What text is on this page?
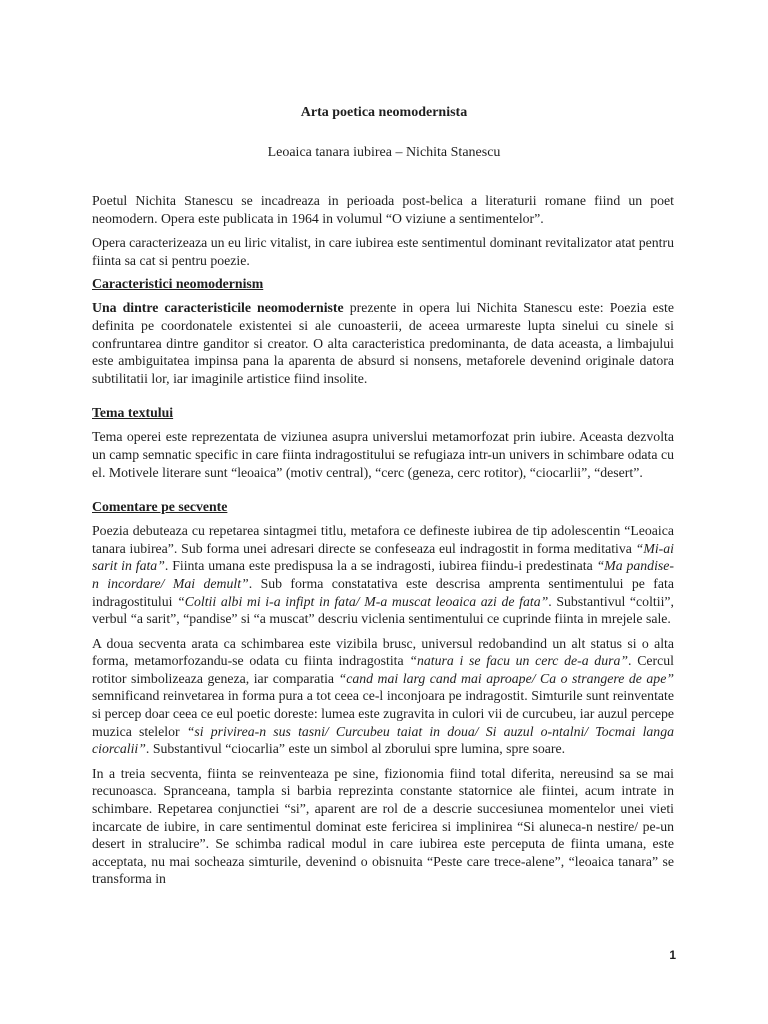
Arta poetica neomodernista
Leoaica tanara iubirea – Nichita Stanescu

Poetul Nichita Stanescu se incadreaza in perioada post-belica a literaturii romane fiind un poet neomodern. Opera este publicata in 1964 in volumul “O viziune a sentimentelor”.

Opera caracterizeaza un eu liric vitalist, in care iubirea este sentimentul dominant revitalizator atat pentru fiinta sa cat si pentru poezie.

Caracteristici neomodernism

Una dintre caracteristicile neomoderniste prezente in opera lui Nichita Stanescu este: Poezia este definita pe coordonatele existentei si ale cunoasterii, de aceea urmareste lupta sinelui cu sinele si confruntarea dintre ganditor si creator. O alta caracteristica predominanta, de data aceasta, a limbajului este ambiguitatea impinsa pana la aparenta de absurd si nonsens, metaforele devenind originale datora subtilitatii lor, iar imaginile artistice fiind insolite.

Tema textului

Tema operei este reprezentata de viziunea asupra universlui metamorfozat prin iubire. Aceasta dezvolta un camp semnatic specific in care fiinta indragostitului se refugiaza intr-un univers in schimbare odata cu el. Motivele literare sunt “leoaica” (motiv central), “cerc (geneza, cerc rotitor), “ciocarlii”, “desert”.

Comentare pe secvente

Poezia debuteaza cu repetarea sintagmei titlu, metafora ce defineste iubirea de tip adolescentin “Leoaica tanara iubirea”. Sub forma unei adresari directe se confeseaza eul indragostit in forma meditativa “Mi-ai sarit in fata”. Fiinta umana este predispusa la a se indragosti, iubirea fiindu-i predestinata “Ma pandise-n incordare/ Mai demult”. Sub forma constatativa este descrisa amprenta sentimentului pe fata indragostitului “Coltii albi mi i-a infipt in fata/ M-a muscat leoaica azi de fata”. Substantivul “coltii”, verbul “a sarit”, “pandise” si “a muscat” descriu viclenia sentimentului ce cuprinde fiinta in mrejele sale.

A doua secventa arata ca schimbarea este vizibila brusc, universul redobandind un alt status si o alta forma, metamorfozandu-se odata cu fiinta indragostita “natura i se facu un cerc de-a dura”. Cercul rotitor simbolizeaza geneza, iar comparatia “cand mai larg cand mai aproape/ Ca o strangere de ape” semnificand reinvetarea in forma pura a tot ceea ce-l inconjoara pe indragostit. Simturile sunt reinventate si percep doar ceea ce eul poetic doreste: lumea este zugravita in culori vii de curcubeu, iar auzul percepe muzica stelelor “si privirea-n sus tasni/ Curcubeu taiat in doua/ Si auzul o-ntalni/ Tocmai langa ciorcalii”. Substantivul “ciocarlia” este un simbol al zborului spre lumina, spre soare.

In a treia secventa, fiinta se reinventeaza pe sine, fizionomia fiind total diferita, nereusind sa se mai recunoasca. Spranceana, tampla si barbia reprezinta constante statornice ale fiintei, acum intrate in schimbare. Repetarea conjunctiei “si”, aparent are rol de a descrie succesiunea momentelor unei vieti incarcate de iubire, in care sentimentul dominat este fericirea si implinirea “Si aluneca-n nestire/ pe-un desert in stralucire”. Se schimba radical modul in care iubirea este perceputa de fiinta umana, este acceptata, nu mai socheaza simturile, devenind o obisnuita “Peste care trece-alene”, “leoaica tanara” se transforma in

1
